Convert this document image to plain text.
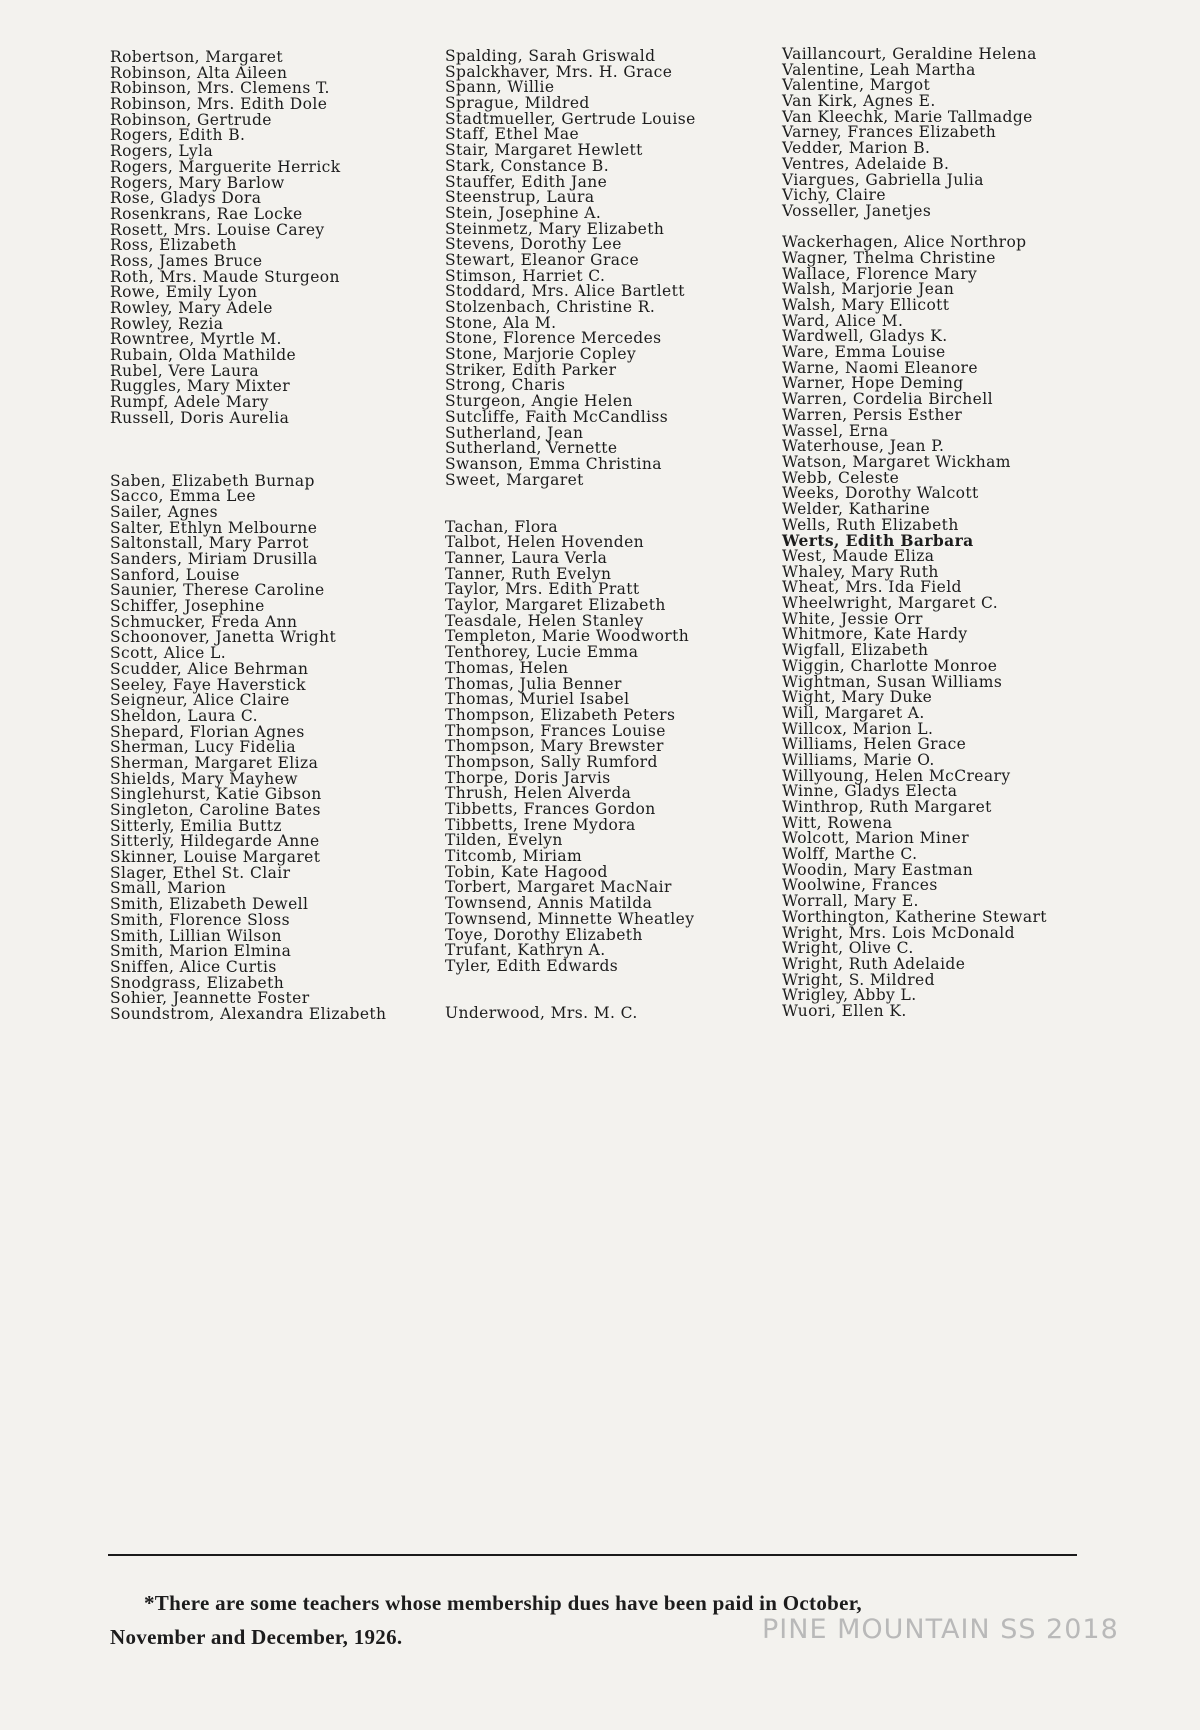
Robertson, Margaret
Robinson, Alta Aileen
Robinson, Mrs. Clemens T.
Robinson, Mrs. Edith Dole
Robinson, Gertrude
Rogers, Edith B.
Rogers, Lyla
Rogers, Marguerite Herrick
Rogers, Mary Barlow
Rose, Gladys Dora
Rosenkrans, Rae Locke
Rosett, Mrs. Louise Carey
Ross, Elizabeth
Ross, James Bruce
Roth, Mrs. Maude Sturgeon
Rowe, Emily Lyon
Rowley, Mary Adele
Rowley, Rezia
Rowntree, Myrtle M.
Rubain, Olda Mathilde
Rubel, Vere Laura
Ruggles, Mary Mixter
Rumpf, Adele Mary
Russell, Doris Aurelia
Saben, Elizabeth Burnap
Sacco, Emma Lee
Sailer, Agnes
Salter, Ethlyn Melbourne
Saltonstall, Mary Parrot
Sanders, Miriam Drusilla
Sanford, Louise
Saunier, Therese Caroline
Schiffer, Josephine
Schmucker, Freda Ann
Schoonover, Janetta Wright
Scott, Alice L.
Scudder, Alice Behrman
Seeley, Faye Haverstick
Seigneur, Alice Claire
Sheldon, Laura C.
Shepard, Florian Agnes
Sherman, Lucy Fidelia
Sherman, Margaret Eliza
Shields, Mary Mayhew
Singlehurst, Katie Gibson
Singleton, Caroline Bates
Sitterly, Emilia Buttz
Sitterly, Hildegarde Anne
Skinner, Louise Margaret
Slager, Ethel St. Clair
Small, Marion
Smith, Elizabeth Dewell
Smith, Florence Sloss
Smith, Lillian Wilson
Smith, Marion Elmina
Sniffen, Alice Curtis
Snodgrass, Elizabeth
Sohier, Jeannette Foster
Soundstrom, Alexandra Elizabeth
Spalding, Sarah Griswald
Spalckhaver, Mrs. H. Grace
Spann, Willie
Sprague, Mildred
Stadtmueller, Gertrude Louise
Staff, Ethel Mae
Stair, Margaret Hewlett
Stark, Constance B.
Stauffer, Edith Jane
Steenstrup, Laura
Stein, Josephine A.
Steinmetz, Mary Elizabeth
Stevens, Dorothy Lee
Stewart, Eleanor Grace
Stimson, Harriet C.
Stoddard, Mrs. Alice Bartlett
Stolzenbach, Christine R.
Stone, Ala M.
Stone, Florence Mercedes
Stone, Marjorie Copley
Striker, Edith Parker
Strong, Charis
Sturgeon, Angie Helen
Sutcliffe, Faith McCandliss
Sutherland, Jean
Sutherland, Vernette
Swanson, Emma Christina
Sweet, Margaret
Tachan, Flora
Talbot, Helen Hovenden
Tanner, Laura Verla
Tanner, Ruth Evelyn
Taylor, Mrs. Edith Pratt
Taylor, Margaret Elizabeth
Teasdale, Helen Stanley
Templeton, Marie Woodworth
Tenthorey, Lucie Emma
Thomas, Helen
Thomas, Julia Benner
Thomas, Muriel Isabel
Thompson, Elizabeth Peters
Thompson, Frances Louise
Thompson, Mary Brewster
Thompson, Sally Rumford
Thorpe, Doris Jarvis
Thrush, Helen Alverda
Tibbetts, Frances Gordon
Tibbetts, Irene Mydora
Tilden, Evelyn
Titcomb, Miriam
Tobin, Kate Hagood
Torbert, Margaret MacNair
Townsend, Annis Matilda
Townsend, Minnette Wheatley
Toye, Dorothy Elizabeth
Trufant, Kathryn A.
Tyler, Edith Edwards
Underwood, Mrs. M. C.
Vaillancourt, Geraldine Helena
Valentine, Leah Martha
Valentine, Margot
Van Kirk, Agnes E.
Van Kleechk, Marie Tallmadge
Varney, Frances Elizabeth
Vedder, Marion B.
Ventres, Adelaide B.
Viargues, Gabriella Julia
Vichy, Claire
Vosseller, Janetjes
Wackerhagen, Alice Northrop
Wagner, Thelma Christine
Wallace, Florence Mary
Walsh, Marjorie Jean
Walsh, Mary Ellicott
Ward, Alice M.
Wardwell, Gladys K.
Ware, Emma Louise
Warne, Naomi Eleanore
Warner, Hope Deming
Warren, Cordelia Birchell
Warren, Persis Esther
Wassel, Erna
Waterhouse, Jean P.
Watson, Margaret Wickham
Webb, Celeste
Weeks, Dorothy Walcott
Welder, Katharine
Wells, Ruth Elizabeth
Werts, Edith Barbara
West, Maude Eliza
Whaley, Mary Ruth
Wheat, Mrs. Ida Field
Wheelwright, Margaret C.
White, Jessie Orr
Whitmore, Kate Hardy
Wigfall, Elizabeth
Wiggin, Charlotte Monroe
Wightman, Susan Williams
Wight, Mary Duke
Will, Margaret A.
Willcox, Marion L.
Williams, Helen Grace
Williams, Marie O.
Willyoung, Helen McCreary
Winne, Gladys Electa
Winthrop, Ruth Margaret
Witt, Rowena
Wolcott, Marion Miner
Wolff, Marthe C.
Woodin, Mary Eastman
Woolwine, Frances
Worrall, Mary E.
Worthington, Katherine Stewart
Wright, Mrs. Lois McDonald
Wright, Olive C.
Wright, Ruth Adelaide
Wright, S. Mildred
Wrigley, Abby L.
Wuori, Ellen K.
*There are some teachers whose membership dues have been paid in October,
November and December, 1926.	PINE MOUNTAIN SS 2018
